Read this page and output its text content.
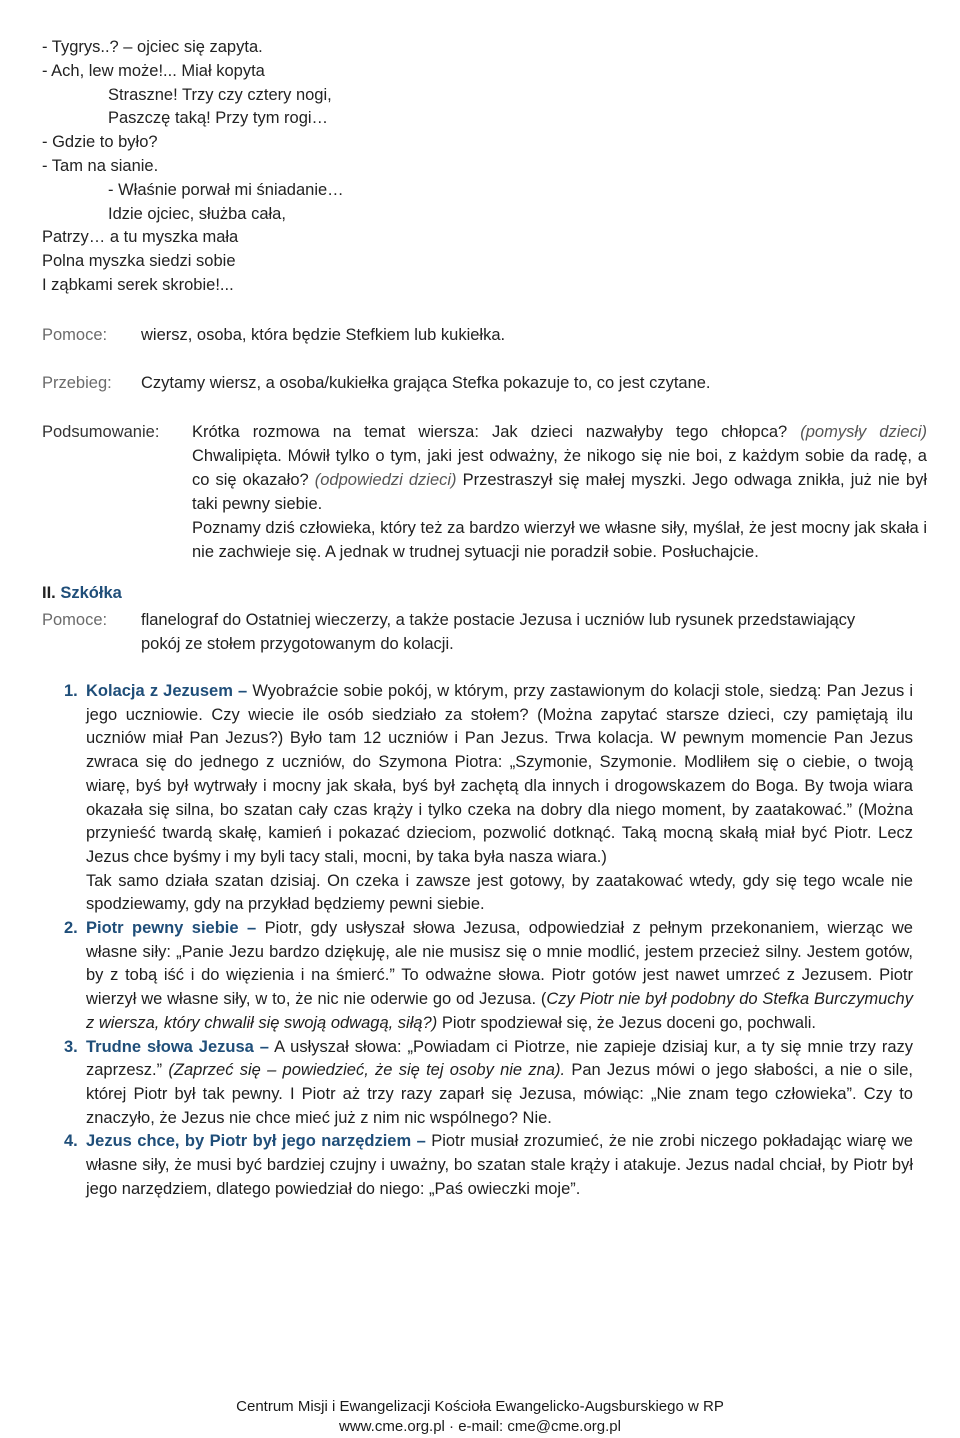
- Tygrys..? – ojciec się zapyta.
- Ach, lew może!... Miał kopyta
Straszne! Trzy czy cztery nogi,
Paszczę taką! Przy tym rogi…
- Gdzie to było?
- Tam na sianie.
- Właśnie porwał mi śniadanie…
Idzie ojciec, służba cała,
Patrzy… a tu myszka mała
Polna myszka siedzi sobie
I ząbkami serek skrobie!...
Pomoce: wiersz, osoba, która będzie Stefkiem lub kukiełka.
Przebieg: Czytamy wiersz, a osoba/kukiełka grająca Stefka pokazuje to, co jest czytane.
Podsumowanie: Krótka rozmowa na temat wiersza: Jak dzieci nazwałyby tego chłopca? (pomysły dzieci) Chwalipięta. Mówił tylko o tym, jaki jest odważny, że nikogo się nie boi, z każdym sobie da radę, a co się okazało? (odpowiedzi dzieci) Przestraszył się małej myszki. Jego odwaga znikła, już nie był taki pewny siebie.

Poznamy dziś człowieka, który też za bardzo wierzył we własne siły, myślał, że jest mocny jak skała i nie zachwieje się. A jednak w trudnej sytuacji nie poradził sobie. Posłuchajcie.

II. Szkółka
Pomoce: flanelograf do Ostatniej wieczerzy, a także postacie Jezusa i uczniów lub rysunek przedstawiający pokój ze stołem przygotowanym do kolacji.
1. Kolacja z Jezusem – Wyobraźcie sobie pokój, w którym, przy zastawionym do kolacji stole, siedzą: Pan Jezus i jego uczniowie. Czy wiecie ile osób siedziało za stołem? (Można zapytać starsze dzieci, czy pamiętają ilu uczniów miał Pan Jezus?) Było tam 12 uczniów i Pan Jezus. Trwa kolacja. W pewnym momencie Pan Jezus zwraca się do jednego z uczniów, do Szymona Piotra: „Szymonie, Szymonie. Modliłem się o ciebie, o twoją wiarę, byś był wytrwały i mocny jak skała, byś był zachętą dla innych i drogowskazem do Boga. By twoja wiara okazała się silna, bo szatan cały czas krąży i tylko czeka na dobry dla niego moment, by zaatakować.” (Można przynieść twardą skałę, kamień i pokazać dzieciom, pozwolić dotknąć. Taką mocną skałą miał być Piotr. Lecz Jezus chce byśmy i my byli tacy stali, mocni, by taka była nasza wiara.)
Tak samo działa szatan dzisiaj. On czeka i zawsze jest gotowy, by zaatakować wtedy, gdy się tego wcale nie spodziewamy, gdy na przykład będziemy pewni siebie.
2. Piotr pewny siebie – Piotr, gdy usłyszał słowa Jezusa, odpowiedział z pełnym przekonaniem, wierząc we własne siły: „Panie Jezu bardzo dziękuję, ale nie musisz się o mnie modlić, jestem przecież silny. Jestem gotów, by z tobą iść i do więzienia i na śmierć.” To odważne słowa. Piotr gotów jest nawet umrzeć z Jezusem. Piotr wierzył we własne siły, w to, że nic nie oderwie go od Jezusa. (Czy Piotr nie był podobny do Stefka Burczymuchy z wiersza, który chwalił się swoją odwagą, siłą?) Piotr spodziewał się, że Jezus doceni go, pochwali.
3. Trudne słowa Jezusa – A usłyszał słowa: „Powiadam ci Piotrze, nie zapieje dzisiaj kur, a ty się mnie trzy razy zaprzesz.” (Zaprzeć się – powiedzieć, że się tej osoby nie zna). Pan Jezus mówi o jego słabości, a nie o sile, której Piotr był tak pewny. I Piotr aż trzy razy zaparł się Jezusa, mówiąc: „Nie znam tego człowieka”. Czy to znaczyło, że Jezus nie chce mieć już z nim nic wspólnego? Nie.
4. Jezus chce, by Piotr był jego narzędziem – Piotr musiał zrozumieć, że nie zrobi niczego pokładając wiarę we własne siły, że musi być bardziej czujny i uważny, bo szatan stale krąży i atakuje. Jezus nadal chciał, by Piotr był jego narzędziem, dlatego powiedział do niego: „Paś owieczki moje”.
Centrum Misji i Ewangelizacji Kościoła Ewangelicko-Augsburskiego w RP
www.cme.org.pl · e-mail: cme@cme.org.pl
